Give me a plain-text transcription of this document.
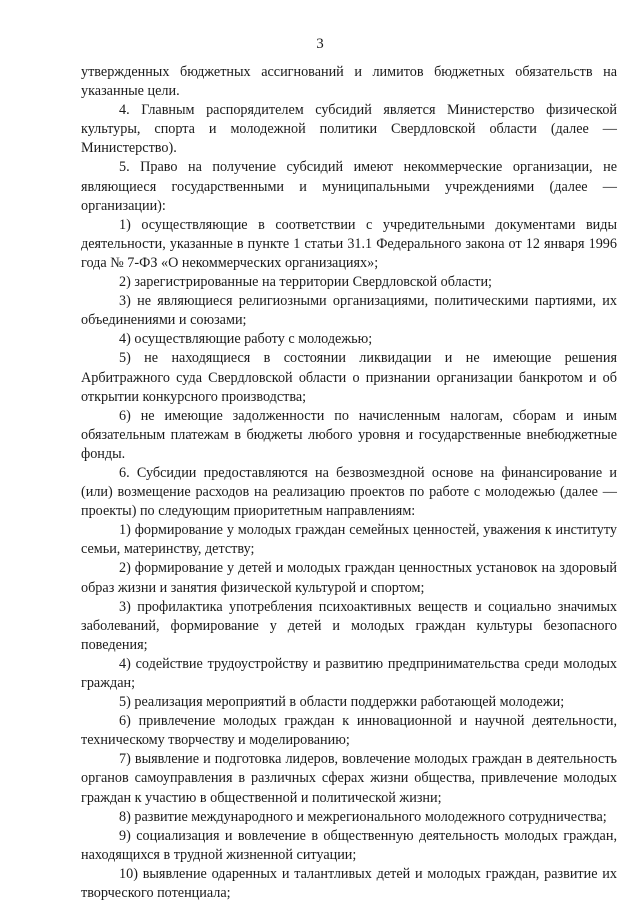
3

утвержденных бюджетных ассигнований и лимитов бюджетных обязательств на указанные цели.

4. Главным распорядителем субсидий является Министерство физической культуры, спорта и молодежной политики Свердловской области (далее — Министерство).

5. Право на получение субсидий имеют некоммерческие организации, не являющиеся государственными и муниципальными учреждениями (далее — организации):

1) осуществляющие в соответствии с учредительными документами виды деятельности, указанные в пункте 1 статьи 31.1 Федерального закона от 12 января 1996 года № 7-ФЗ «О некоммерческих организациях»;

2) зарегистрированные на территории Свердловской области;

3) не являющиеся религиозными организациями, политическими партиями, их объединениями и союзами;

4) осуществляющие работу с молодежью;

5) не находящиеся в состоянии ликвидации и не имеющие решения Арбитражного суда Свердловской области о признании организации банкротом и об открытии конкурсного производства;

6) не имеющие задолженности по начисленным налогам, сборам и иным обязательным платежам в бюджеты любого уровня и государственные внебюджетные фонды.

6. Субсидии предоставляются на безвозмездной основе на финансирование и (или) возмещение расходов на реализацию проектов по работе с молодежью (далее — проекты) по следующим приоритетным направлениям:

1) формирование у молодых граждан семейных ценностей, уважения к институту семьи, материнству, детству;

2) формирование у детей и молодых граждан ценностных установок на здоровый образ жизни и занятия физической культурой и спортом;

3) профилактика употребления психоактивных веществ и социально значимых заболеваний, формирование у детей и молодых граждан культуры безопасного поведения;

4) содействие трудоустройству и развитию предпринимательства среди молодых граждан;

5) реализация мероприятий в области поддержки работающей молодежи;

6) привлечение молодых граждан к инновационной и научной деятельности, техническому творчеству и моделированию;

7) выявление и подготовка лидеров, вовлечение молодых граждан в деятельность органов самоуправления в различных сферах жизни общества, привлечение молодых граждан к участию в общественной и политической жизни;

8) развитие международного и межрегионального молодежного сотрудничества;

9) социализация и вовлечение в общественную деятельность молодых граждан, находящихся в трудной жизненной ситуации;

10) выявление одаренных и талантливых детей и молодых граждан, развитие их творческого потенциала;
